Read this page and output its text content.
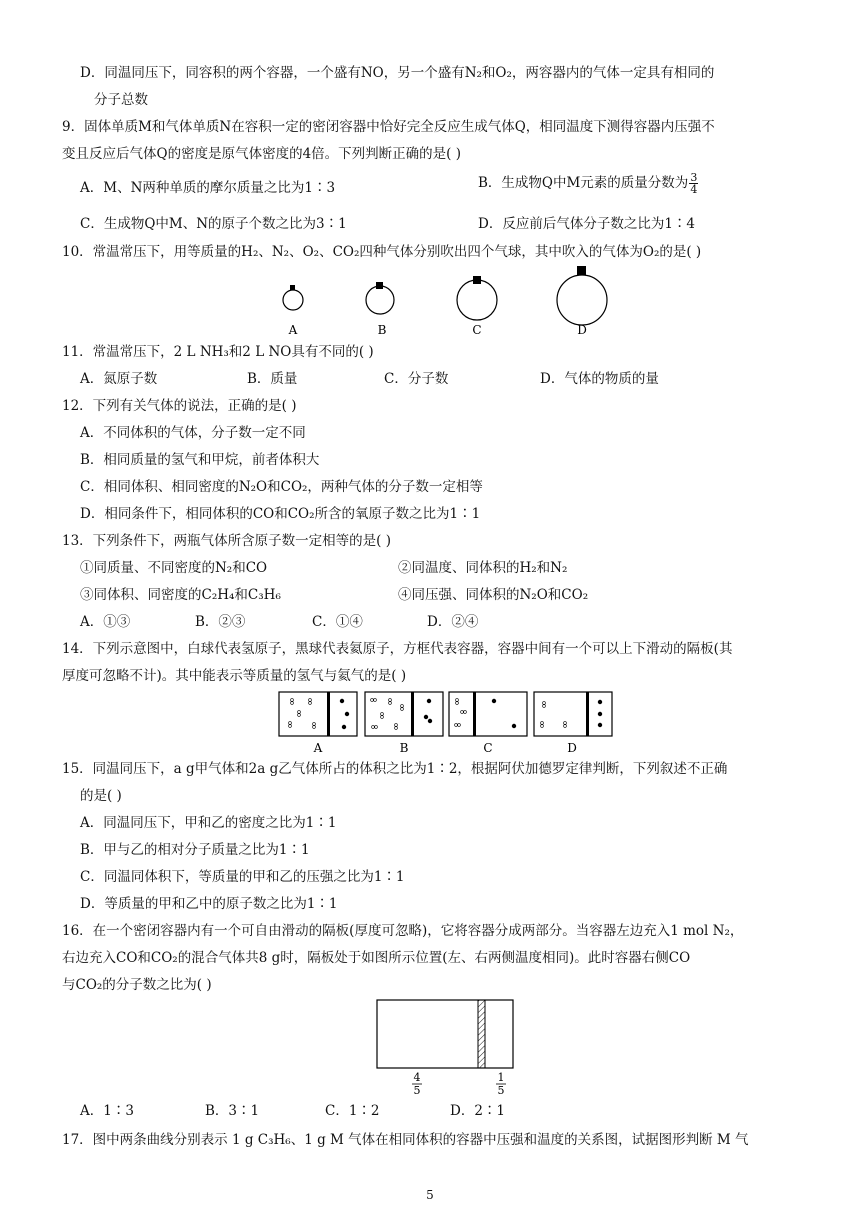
D．同温同压下，同容积的两个容器，一个盛有NO，另一个盛有N₂和O₂，两容器内的气体一定具有相同的
分子总数
9．固体单质M和气体单质N在容积一定的密闭容器中恰好完全反应生成气体Q，相同温度下测得容器内压强不
变且反应后气体Q的密度是原气体密度的4倍。下列判断正确的是( )
A．M、N两种单质的摩尔质量之比为1∶3	B．生成物Q中M元素的质量分数为 $\frac{3}{4}$
C．生成物Q中M、N的原子个数之比为3∶1	D．反应前后气体分子数之比为1∶4
10．常温常压下，用等质量的H₂、N₂、O₂、CO₂四种气体分别吹出四个气球，其中吹入的气体为O₂的是( )
A	B	C	D
11．常温常压下，2 L NH₃和2 L NO具有不同的( )
A．氮原子数	B．质量	C．分子数	D．气体的物质的量
12．下列有关气体的说法，正确的是( )
A．不同体积的气体，分子数一定不同
B．相同质量的氢气和甲烷，前者体积大
C．相同体积、相同密度的N₂O和CO₂，两种气体的分子数一定相等
D．相同条件下，相同体积的CO和CO₂所含的氧原子数之比为1∶1
13．下列条件下，两瓶气体所含原子数一定相等的是( )
①同质量、不同密度的N₂和CO	②同温度、同体积的H₂和N₂
③同体积、同密度的C₂H₄和C₃H₆	④同压强、同体积的N₂O和CO₂
A．①③	B．②③	C．①④	D．②④
14．下列示意图中，白球代表氢原子，黑球代表氦原子，方框代表容器，容器中间有一个可以上下滑动的隔板(其
厚度可忽略不计)。其中能表示等质量的氢气与氦气的是( )
A	B	C	D
15．同温同压下，a g甲气体和2a g乙气体所占的体积之比为1∶2，根据阿伏加德罗定律判断，下列叙述不正确
的是( )
A．同温同压下，甲和乙的密度之比为1∶1
B．甲与乙的相对分子质量之比为1∶1
C．同温同体积下，等质量的甲和乙的压强之比为1∶1
D．等质量的甲和乙中的原子数之比为1∶1
16．在一个密闭容器内有一个可自由滑动的隔板(厚度可忽略)，它将容器分成两部分。当容器左边充入1 mol N₂，
右边充入CO和CO₂的混合气体共8 g时，隔板处于如图所示位置(左、右两侧温度相同)。此时容器右侧CO
与CO₂的分子数之比为( )
4
5
1
5
A．1∶3	B．3∶1	C．1∶2	D．2∶1
17．图中两条曲线分别表示 1 g C₃H₆、1 g M 气体在相同体积的容器中压强和温度的关系图，试据图形判断 M 气
5
